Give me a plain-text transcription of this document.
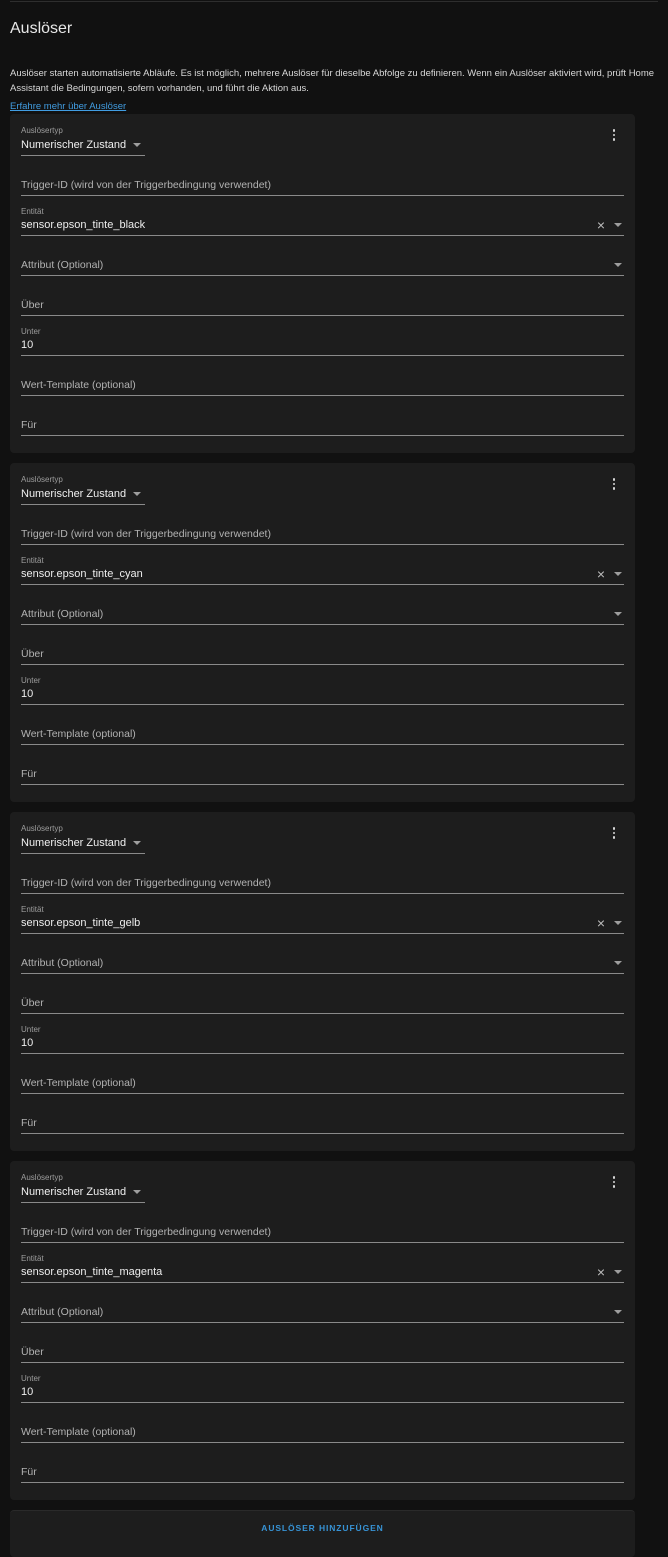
Auslöser

Auslöser starten automatisierte Abläufe. Es ist möglich, mehrere Auslöser für dieselbe Abfolge zu definieren. Wenn ein Auslöser aktiviert wird, prüft Home Assistant die Bedingungen, sofern vorhanden, und führt die Aktion aus.

Erfahre mehr über Auslöser
Auslösertyp
Numerischer Zustand
Trigger-ID (wird von der Triggerbedingung verwendet)
Entität
sensor.epson_tinte_black	×
Attribut (Optional)
Über
Unter
10
Wert-Template (optional)
Für
Auslösertyp
Numerischer Zustand
Trigger-ID (wird von der Triggerbedingung verwendet)
Entität
sensor.epson_tinte_cyan	×
Attribut (Optional)
Über
Unter
10
Wert-Template (optional)
Für
Auslösertyp
Numerischer Zustand
Trigger-ID (wird von der Triggerbedingung verwendet)
Entität
sensor.epson_tinte_gelb	×
Attribut (Optional)
Über
Unter
10
Wert-Template (optional)
Für
Auslösertyp
Numerischer Zustand
Trigger-ID (wird von der Triggerbedingung verwendet)
Entität
sensor.epson_tinte_magenta	×
Attribut (Optional)
Über
Unter
10
Wert-Template (optional)
Für
AUSLÖSER HINZUFÜGEN
